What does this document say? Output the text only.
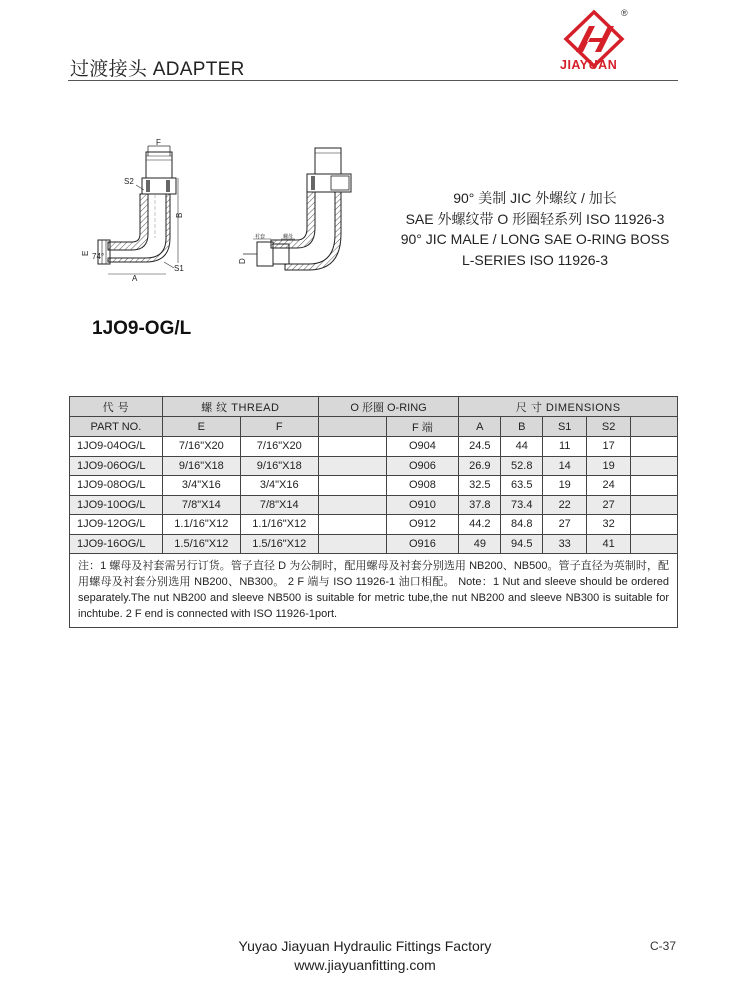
过渡接头 ADAPTER
®
JIAYUAN
F
B
S2
E 74°
A
S1
D
衬套	螺母
90° 美制 JIC 外螺纹 / 加长
SAE 外螺纹带 O 形圈轻系列 ISO 11926-3
90° JIC MALE / LONG SAE O-RING BOSS
L-SERIES ISO 11926-3
1JO9-OG/L
代 号	螺 纹 THREAD		O 形圈 O-RING		尺 寸 DIMENSIONS				
PART NO.	E	F		F 端	A	B	S1	S2	
1JO9-04OG/L	7/16"X20	7/16"X20		O904	24.5	44	11	17	
1JO9-06OG/L	9/16"X18	9/16"X18		O906	26.9	52.8	14	19	
1JO9-08OG/L	3/4"X16	3/4"X16		O908	32.5	63.5	19	24	
1JO9-10OG/L	7/8"X14	7/8"X14		O910	37.8	73.4	22	27	
1JO9-12OG/L	1.1/16"X12	1.1/16"X12		O912	44.2	84.8	27	32	
1JO9-16OG/L	1.5/16"X12	1.5/16"X12		O916	49	94.5	33	41	
注：1 螺母及衬套需另行订货。管子直径 D 为公制时，配用螺母及衬套分别选用 NB200、NB500。管子直径为英制时，配用螺母及衬套分别选用 NB200、NB300。 2 F 端与 ISO 11926-1 油口相配。 Note：1 Nut and sleeve should be ordered separately.The nut NB200 and sleeve NB500 is suitable for metric tube,the nut NB200 and sleeve NB300 is suitable for inchtube. 2 F end is connected with ISO 11926-1port.									
Yuyao Jiayuan Hydraulic Fittings Factory
www.jiayuanfitting.com
C-37
